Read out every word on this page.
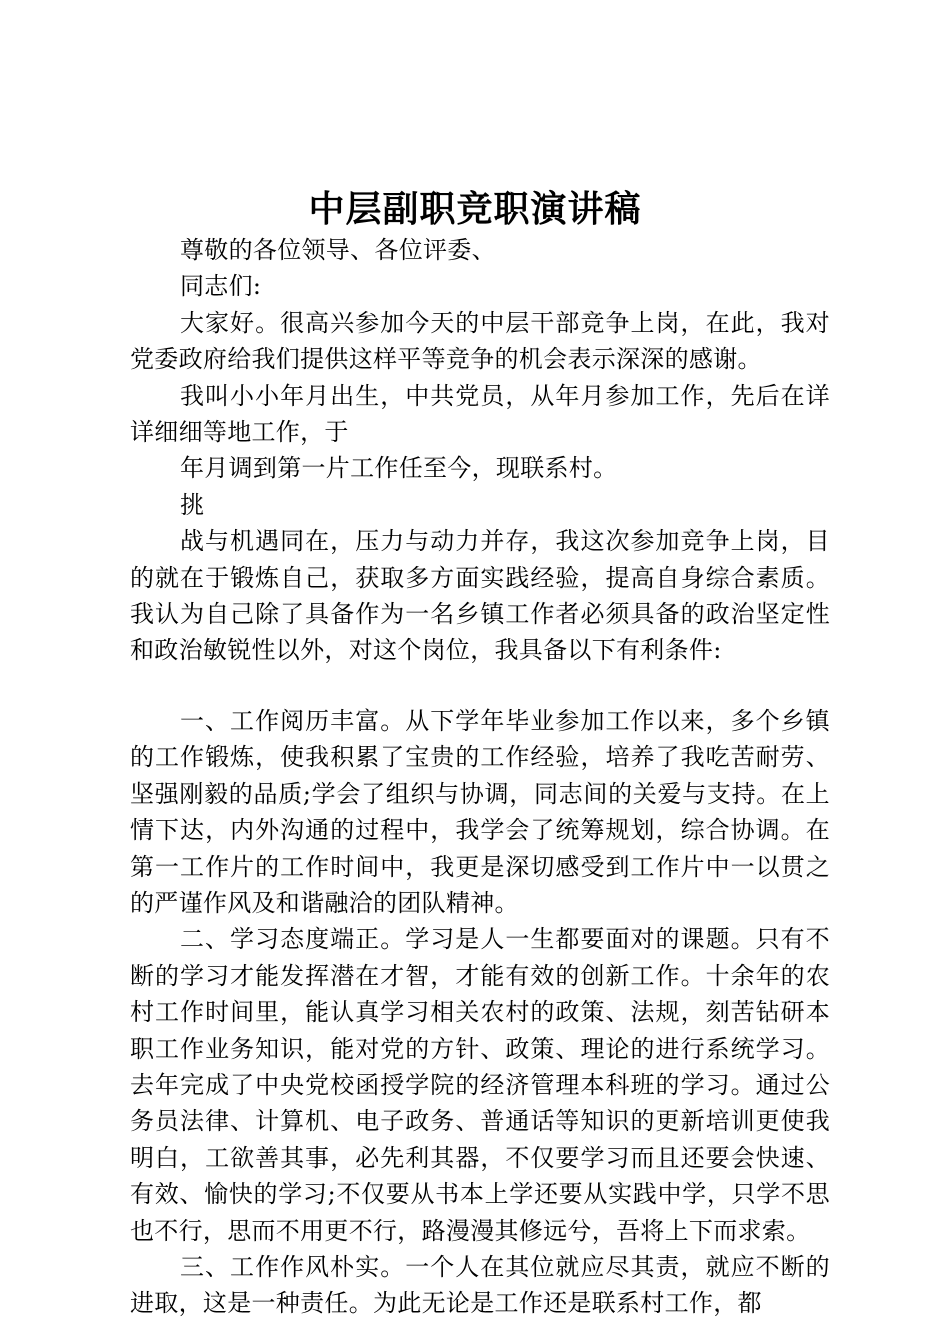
中层副职竞职演讲稿

尊敬的各位领导、各位评委、

同志们:

大家好。很高兴参加今天的中层干部竞争上岗，在此，我对党委政府给我们提供这样平等竞争的机会表示深深的感谢。

我叫小小年月出生，中共党员，从年月参加工作，先后在详详细细等地工作，于

年月调到第一片工作任至今，现联系村。

挑

战与机遇同在，压力与动力并存，我这次参加竞争上岗，目的就在于锻炼自己，获取多方面实践经验，提高自身综合素质。我认为自己除了具备作为一名乡镇工作者必须具备的政治坚定性和政治敏锐性以外，对这个岗位，我具备以下有利条件:

一、工作阅历丰富。从下学年毕业参加工作以来，多个乡镇的工作锻炼，使我积累了宝贵的工作经验，培养了我吃苦耐劳、坚强刚毅的品质;学会了组织与协调，同志间的关爱与支持。在上情下达，内外沟通的过程中，我学会了统筹规划，综合协调。在第一工作片的工作时间中，我更是深切感受到工作片中一以贯之的严谨作风及和谐融洽的团队精神。

二、学习态度端正。学习是人一生都要面对的课题。只有不断的学习才能发挥潜在才智，才能有效的创新工作。十余年的农村工作时间里，能认真学习相关农村的政策、法规，刻苦钻研本职工作业务知识，能对党的方针、政策、理论的进行系统学习。去年完成了中央党校函授学院的经济管理本科班的学习。通过公务员法律、计算机、电子政务、普通话等知识的更新培训更使我明白，工欲善其事，必先利其器，不仅要学习而且还要会快速、有效、愉快的学习;不仅要从书本上学还要从实践中学，只学不思也不行，思而不用更不行，路漫漫其修远兮，吾将上下而求索。

三、工作作风朴实。一个人在其位就应尽其责，就应不断的进取，这是一种责任。为此无论是工作还是联系村工作，都
